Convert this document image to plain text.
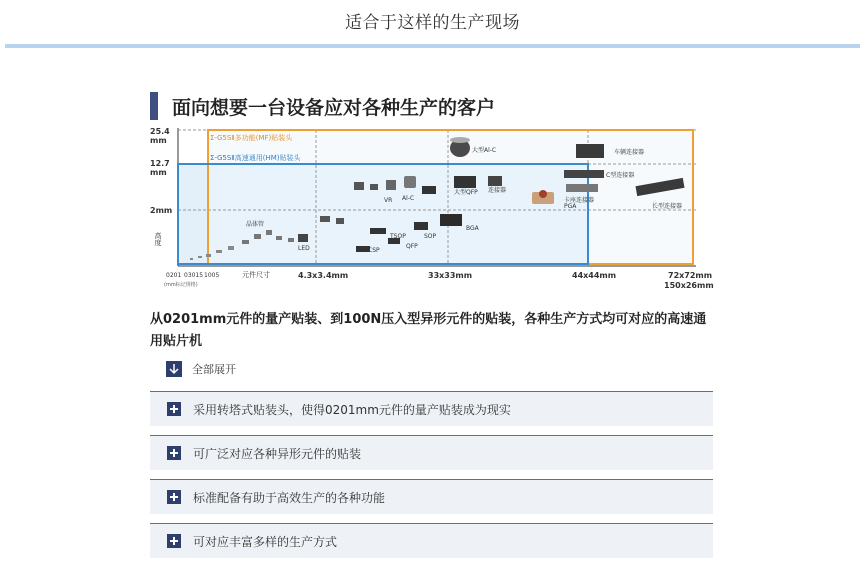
适合于这样的生产现场
面向想要一台设备应对各种生产的客户
25.4
mm
12.7
mm
2mm
高度
Σ-G5SⅡ多功能(MF)贴装头
Σ-G5SⅡ高速通用(HM)贴装头
0201 03015 1005
(mm标记规格)
元件尺寸	4.3x3.4mm	33x33mm	44x44mm	72x72mm
150x26mm
晶体管
LED	CSP
QFP
TSOP	SOP
VR Al-C
BGA
大型Al-C
大型QFP 连接器
PGA
车辆连接器
C型连接器
卡座连接器
长型连接器
从0201mm元件的量产贴装、到100N压入型异形元件的贴装，各种生产方式均可对应的高速通用贴片机
全部展开
采用转塔式贴装头，使得0201mm元件的量产贴装成为现实
可广泛对应各种异形元件的贴装
标准配备有助于高效生产的各种功能
可对应丰富多样的生产方式
